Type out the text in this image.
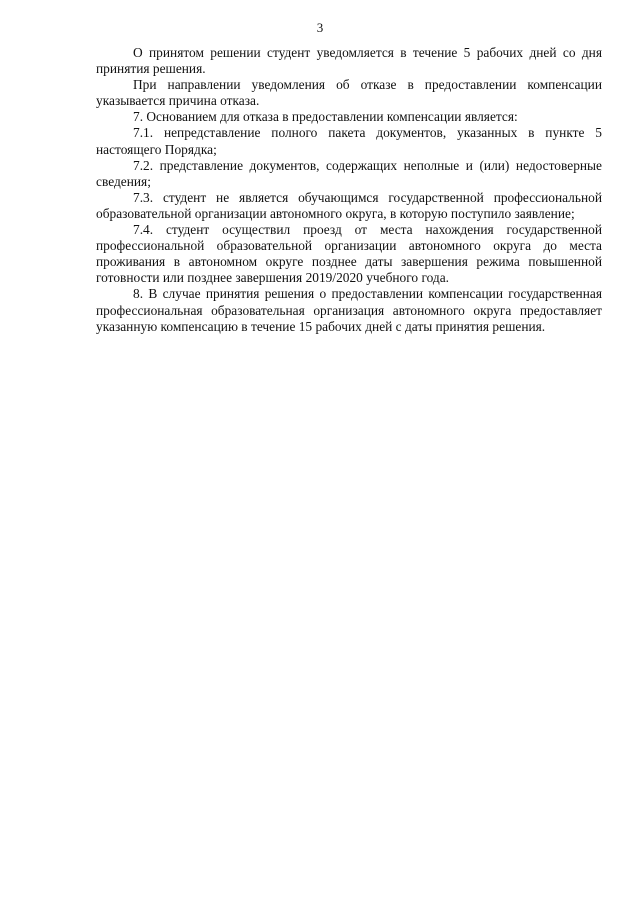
3

О принятом решении студент уведомляется в течение 5 рабочих дней со дня принятия решения.

При направлении уведомления об отказе в предоставлении компенсации указывается причина отказа.

7. Основанием для отказа в предоставлении компенсации является:

7.1. непредставление полного пакета документов, указанных в пункте 5 настоящего Порядка;

7.2. представление документов, содержащих неполные и (или) недостоверные сведения;

7.3. студент не является обучающимся государственной профессиональной образовательной организации автономного округа, в которую поступило заявление;

7.4. студент осуществил проезд от места нахождения государственной профессиональной образовательной организации автономного округа до места проживания в автономном округе позднее даты завершения режима повышенной готовности или позднее завершения 2019/2020 учебного года.

8. В случае принятия решения о предоставлении компенсации государственная профессиональная образовательная организация автономного округа предоставляет указанную компенсацию в течение 15 рабочих дней с даты принятия решения.
